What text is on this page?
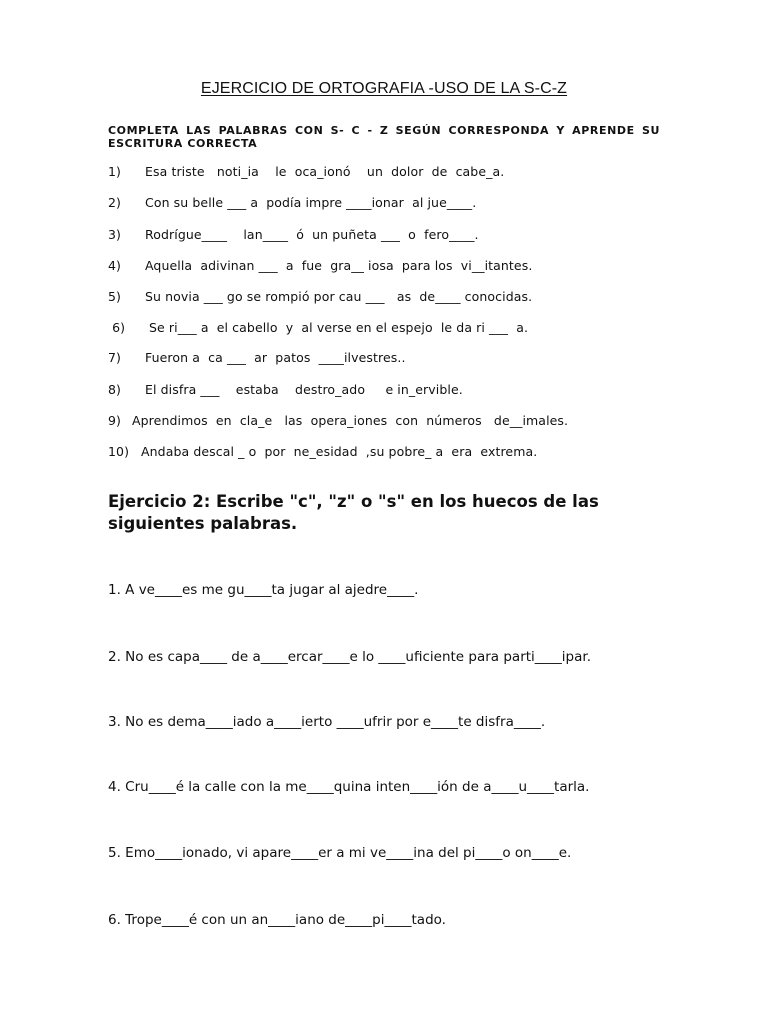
EJERCICIO DE ORTOGRAFIA -USO DE LA S-C-Z
COMPLETA LAS PALABRAS CON S- C - Z SEGÚN CORRESPONDA Y APRENDE SU ESCRITURA CORRECTA
1) Esa triste   noti_ia    le  oca_ionó    un  dolor  de  cabe_a.
2) Con su belle ___ a  podía impre ____ionar  al jue____.
3) Rodrígue____    lan____  ó  un puñeta ___  o  fero____.
4) Aquella  adivinan ___  a  fue  gra__ iosa  para los  vi__itantes.
5) Su novia ___ go se rompió por cau ___   as  de____ conocidas.
6) Se ri___ a  el cabello  y  al verse en el espejo  le da ri ___  a.
7) Fueron a  ca ___  ar  patos  ____ilvestres..
8) El disfra ___    estaba    destro_ado     e in_ervible.
9) Aprendimos  en  cla_e   las  opera_iones  con  números   de__imales.
10) Andaba descal _ o  por  ne_esidad  ,su pobre_ a  era  extrema.
Ejercicio 2: Escribe "c", "z" o "s" en los huecos de las siguientes palabras.
1. A ve____es me gu____ta jugar al ajedre____.
2. No es capa____ de a____ercar____e lo ____uficiente para parti____ipar.
3. No es dema____iado a____ierto ____ufrir por e____te disfra____.
4. Cru____é la calle con la me____quina inten____ión de a____u____tarla.
5. Emo____ionado, vi apare____er a mi ve____ina del pi____o on____e.
6. Trope____é con un an____iano de____pi____tado.
